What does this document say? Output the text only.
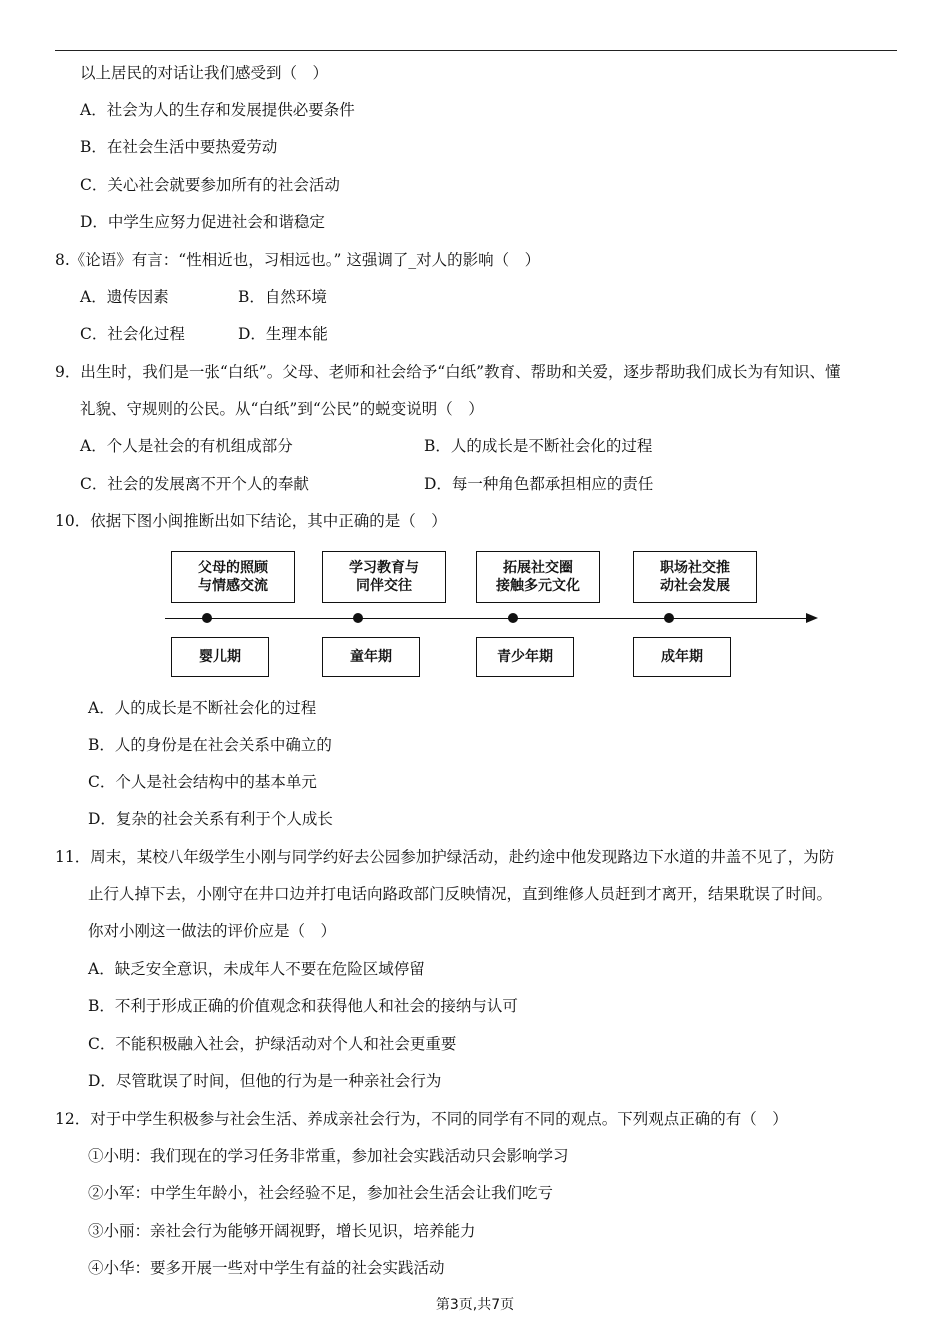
以上居民的对话让我们感受到（　）
A．社会为人的生存和发展提供必要条件
B．在社会生活中要热爱劳动
C．关心社会就要参加所有的社会活动
D．中学生应努力促进社会和谐稳定
8.《论语》有言：“性相近也，习相远也。” 这强调了_对人的影响（　）
A．遗传因素	B．自然环境
C．社会化过程	D．生理本能
9．出生时，我们是一张“白纸”。父母、老师和社会给予“白纸”教育、帮助和关爱，逐步帮助我们成长为有知识、懂
礼貌、守规则的公民。从“白纸”到“公民”的蜕变说明（　）
A．个人是社会的有机组成部分	B．人的成长是不断社会化的过程
C．社会的发展离不开个人的奉献	D．每一种角色都承担相应的责任
10．依据下图小闽推断出如下结论，其中正确的是（　）
父母的照顾
与情感交流
学习教育与
同伴交往
拓展社交圈
接触多元文化
职场社交推
动社会发展
婴儿期	童年期	青少年期	成年期
A．人的成长是不断社会化的过程
B．人的身份是在社会关系中确立的
C．个人是社会结构中的基本单元
D．复杂的社会关系有利于个人成长
11．周末，某校八年级学生小刚与同学约好去公园参加护绿活动，赴约途中他发现路边下水道的井盖不见了，为防
止行人掉下去，小刚守在井口边并打电话向路政部门反映情况，直到维修人员赶到才离开，结果耽误了时间。
你对小刚这一做法的评价应是（　）
A．缺乏安全意识，未成年人不要在危险区域停留
B．不利于形成正确的价值观念和获得他人和社会的接纳与认可
C．不能积极融入社会，护绿活动对个人和社会更重要
D．尽管耽误了时间，但他的行为是一种亲社会行为
12．对于中学生积极参与社会生活、养成亲社会行为，不同的同学有不同的观点。下列观点正确的有（　）
①小明：我们现在的学习任务非常重，参加社会实践活动只会影响学习
②小军：中学生年龄小，社会经验不足，参加社会生活会让我们吃亏
③小丽：亲社会行为能够开阔视野，增长见识，培养能力
④小华：要多开展一些对中学生有益的社会实践活动
第3页,共7页
